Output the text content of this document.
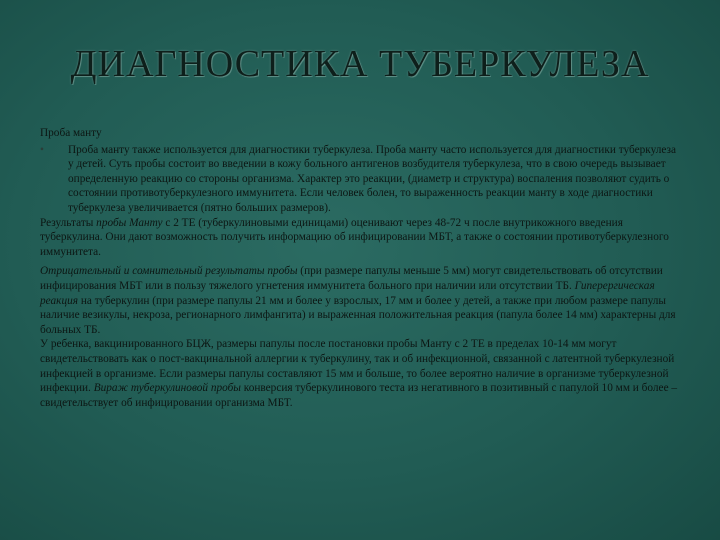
ДИАГНОСТИКА ТУБЕРКУЛЕЗА
Проба манту
•	Проба манту также используется для диагностики туберкулеза. Проба манту часто используется для диагностики туберкулеза у детей. Суть пробы состоит во введении в кожу больного антигенов возбудителя туберкулеза, что в свою очередь вызывает определенную реакцию со стороны организма. Характер это реакции, (диаметр и структура) воспаления позволяют судить о состоянии противотуберкулезного иммунитета. Если человек болен, то выраженность реакции манту в ходе диагностики туберкулеза увеличивается (пятно больших размеров).

Результаты пробы Манту с 2 ТЕ (туберкулиновыми единицами) оценивают через 48-72 ч после внутрикожного введения туберкулина. Они дают возможность получить информацию об инфицировании МБТ, а также о состоянии противотуберкулезного иммунитета.

Отрицательный и сомнительный результаты пробы (при размере папулы меньше 5 мм) могут свидетельствовать об отсутствии инфицирования МБТ или в пользу тяжелого угнетения иммунитета больного при наличии или отсутствии ТБ. Гиперергическая реакция на туберкулин (при размере папулы 21 мм и более у взрослых, 17 мм и более у детей, а также при любом размере папулы наличие везикулы, некроза, регионарного лимфангита) и выраженная положительная реакция (папула более 14 мм) характерны для больных ТБ.

У ребенка, вакцинированного БЦЖ, размеры папулы после постановки пробы Манту с 2 ТЕ в пределах 10-14 мм могут свидетельствовать как о пост-вакцинальной аллергии к туберкулину, так и об инфекционной, связанной с латентной туберкулезной инфекцией в организме. Если размеры папулы составляют 15 мм и больше, то более вероятно наличие в организме туберкулезной инфекции. Вираж туберкулиновой пробы конверсия туберкулинового теста из негативного в позитивный с папулой 10 мм и более – свидетельствует об инфицировании организма МБТ.
